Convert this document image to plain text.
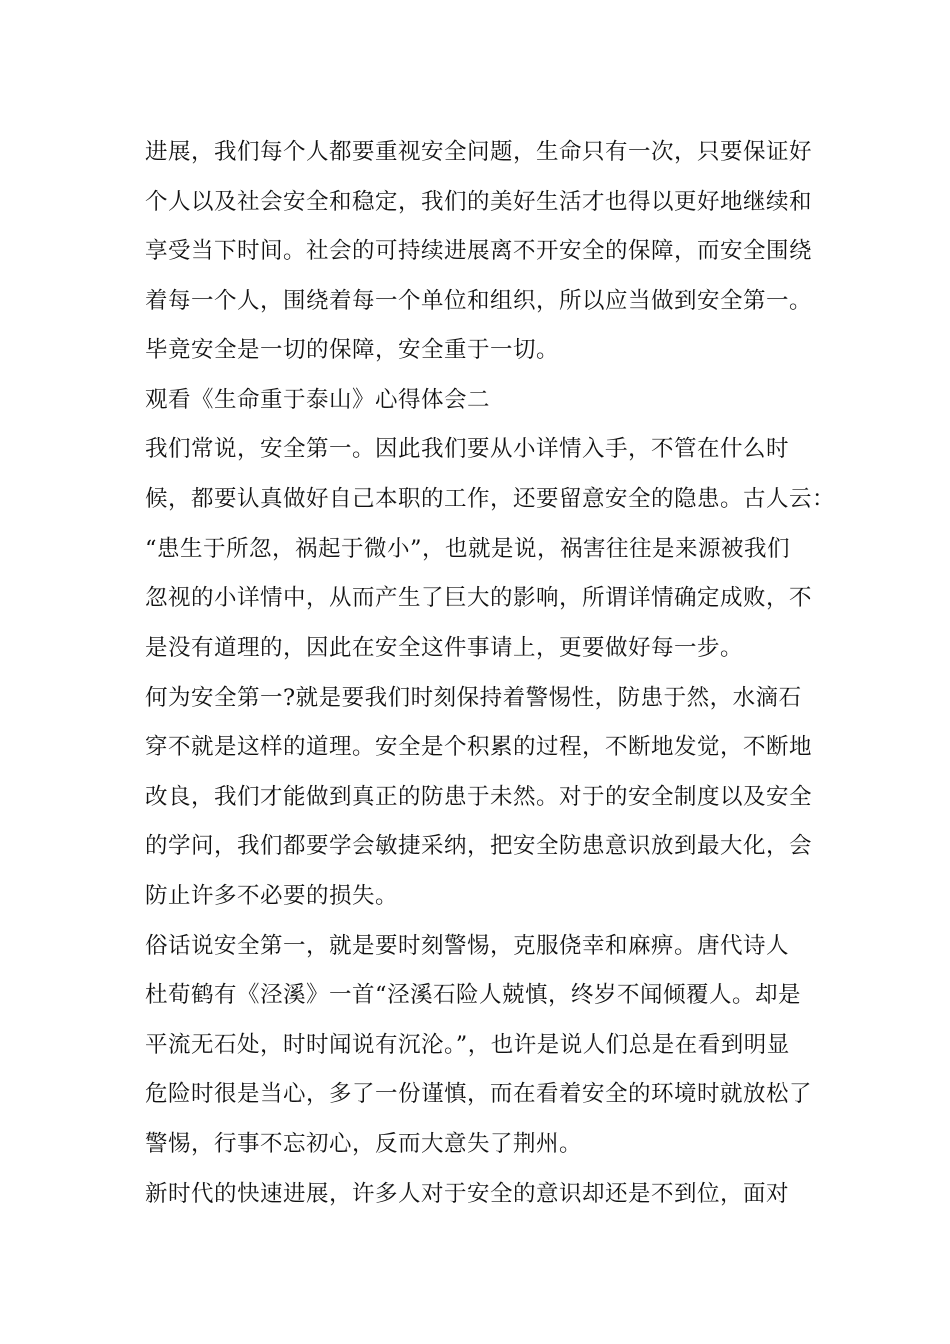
进展，我们每个人都要重视安全问题，生命只有一次，只要保证好
个人以及社会安全和稳定，我们的美好生活才也得以更好地继续和
享受当下时间。社会的可持续进展离不开安全的保障，而安全围绕
着每一个人，围绕着每一个单位和组织，所以应当做到安全第一。
毕竟安全是一切的保障，安全重于一切。
观看《生命重于泰山》心得体会二
我们常说，安全第一。因此我们要从小详情入手，不管在什么时
候，都要认真做好自己本职的工作，还要留意安全的隐患。古人云：
“患生于所忽，祸起于微小”，也就是说，祸害往往是来源被我们
忽视的小详情中，从而产生了巨大的影响，所谓详情确定成败，不
是没有道理的，因此在安全这件事请上，更要做好每一步。
何为安全第一?就是要我们时刻保持着警惕性，防患于然，水滴石
穿不就是这样的道理。安全是个积累的过程，不断地发觉，不断地
改良，我们才能做到真正的防患于未然。对于的安全制度以及安全
的学问，我们都要学会敏捷采纳，把安全防患意识放到最大化，会
防止许多不必要的损失。
俗话说安全第一，就是要时刻警惕，克服侥幸和麻痹。唐代诗人
杜荀鹤有《泾溪》一首“泾溪石险人兢慎，终岁不闻倾覆人。却是
平流无石处，时时闻说有沉沦。”，也许是说人们总是在看到明显
危险时很是当心，多了一份谨慎，而在看着安全的环境时就放松了
警惕，行事不忘初心，反而大意失了荆州。
新时代的快速进展，许多人对于安全的意识却还是不到位，面对
